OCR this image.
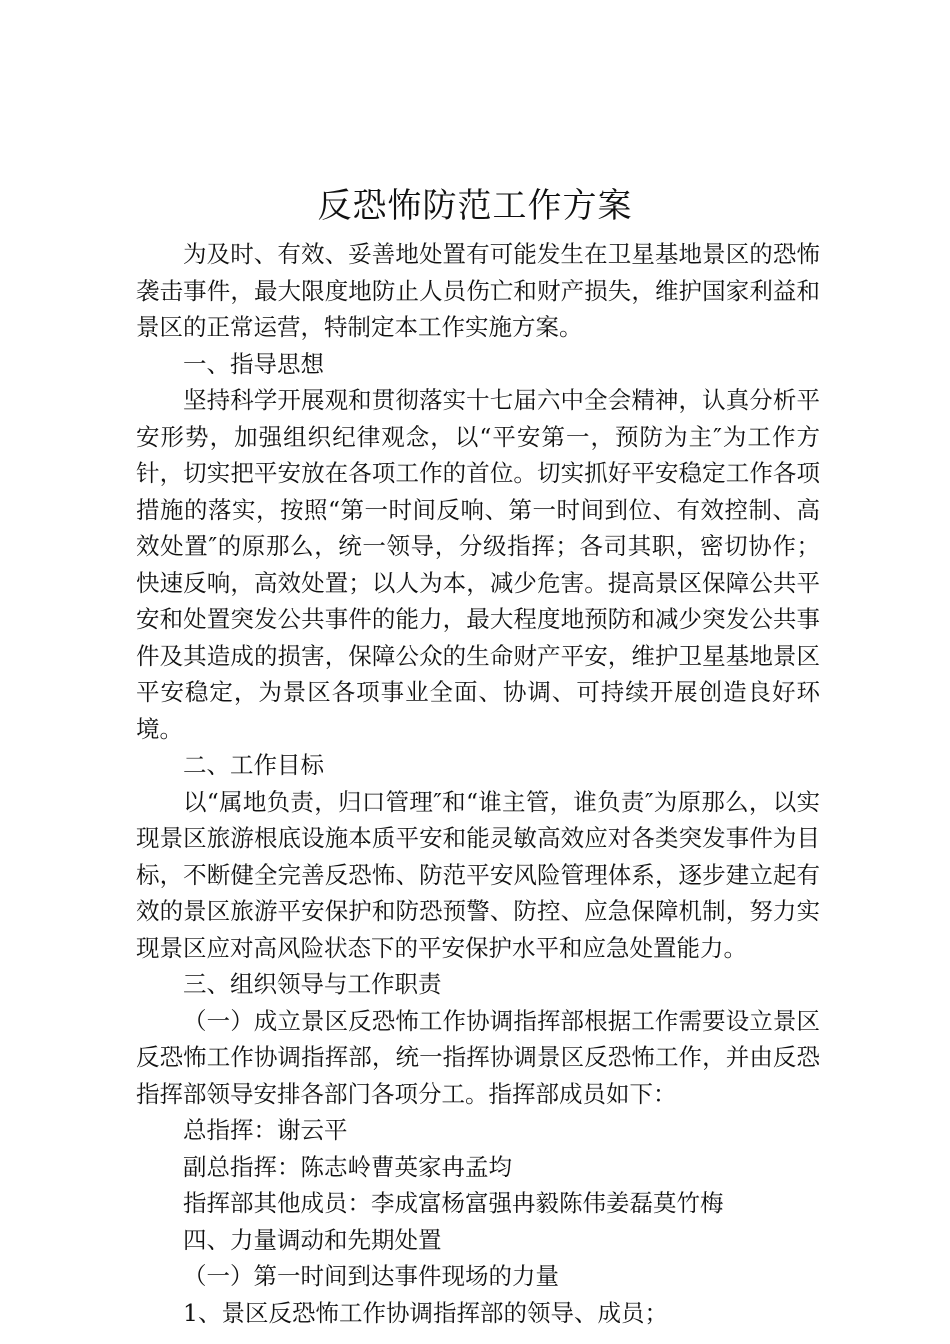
反恐怖防范工作方案

为及时、有效、妥善地处置有可能发生在卫星基地景区的恐怖袭击事件，最大限度地防止人员伤亡和财产损失，维护国家利益和景区的正常运营，特制定本工作实施方案。

一、指导思想

坚持科学开展观和贯彻落实十七届六中全会精神，认真分析平安形势，加强组织纪律观念，以“平安第一，预防为主″为工作方针，切实把平安放在各项工作的首位。切实抓好平安稳定工作各项措施的落实，按照“第一时间反响、第一时间到位、有效控制、高效处置″的原那么，统一领导，分级指挥；各司其职，密切协作；快速反响，高效处置；以人为本，减少危害。提高景区保障公共平安和处置突发公共事件的能力，最大程度地预防和减少突发公共事件及其造成的损害，保障公众的生命财产平安，维护卫星基地景区平安稳定，为景区各项事业全面、协调、可持续开展创造良好环境。

二、工作目标

以“属地负责，归口管理″和“谁主管，谁负责″为原那么，以实现景区旅游根底设施本质平安和能灵敏高效应对各类突发事件为目标，不断健全完善反恐怖、防范平安风险管理体系，逐步建立起有效的景区旅游平安保护和防恐预警、防控、应急保障机制，努力实现景区应对高风险状态下的平安保护水平和应急处置能力。

三、组织领导与工作职责

（一）成立景区反恐怖工作协调指挥部根据工作需要设立景区反恐怖工作协调指挥部，统一指挥协调景区反恐怖工作，并由反恐指挥部领导安排各部门各项分工。指挥部成员如下：

总指挥：谢云平

副总指挥：陈志岭曹英家冉孟均

指挥部其他成员：李成富杨富强冉毅陈伟姜磊莫竹梅

四、力量调动和先期处置

（一）第一时间到达事件现场的力量

1、景区反恐怖工作协调指挥部的领导、成员；
